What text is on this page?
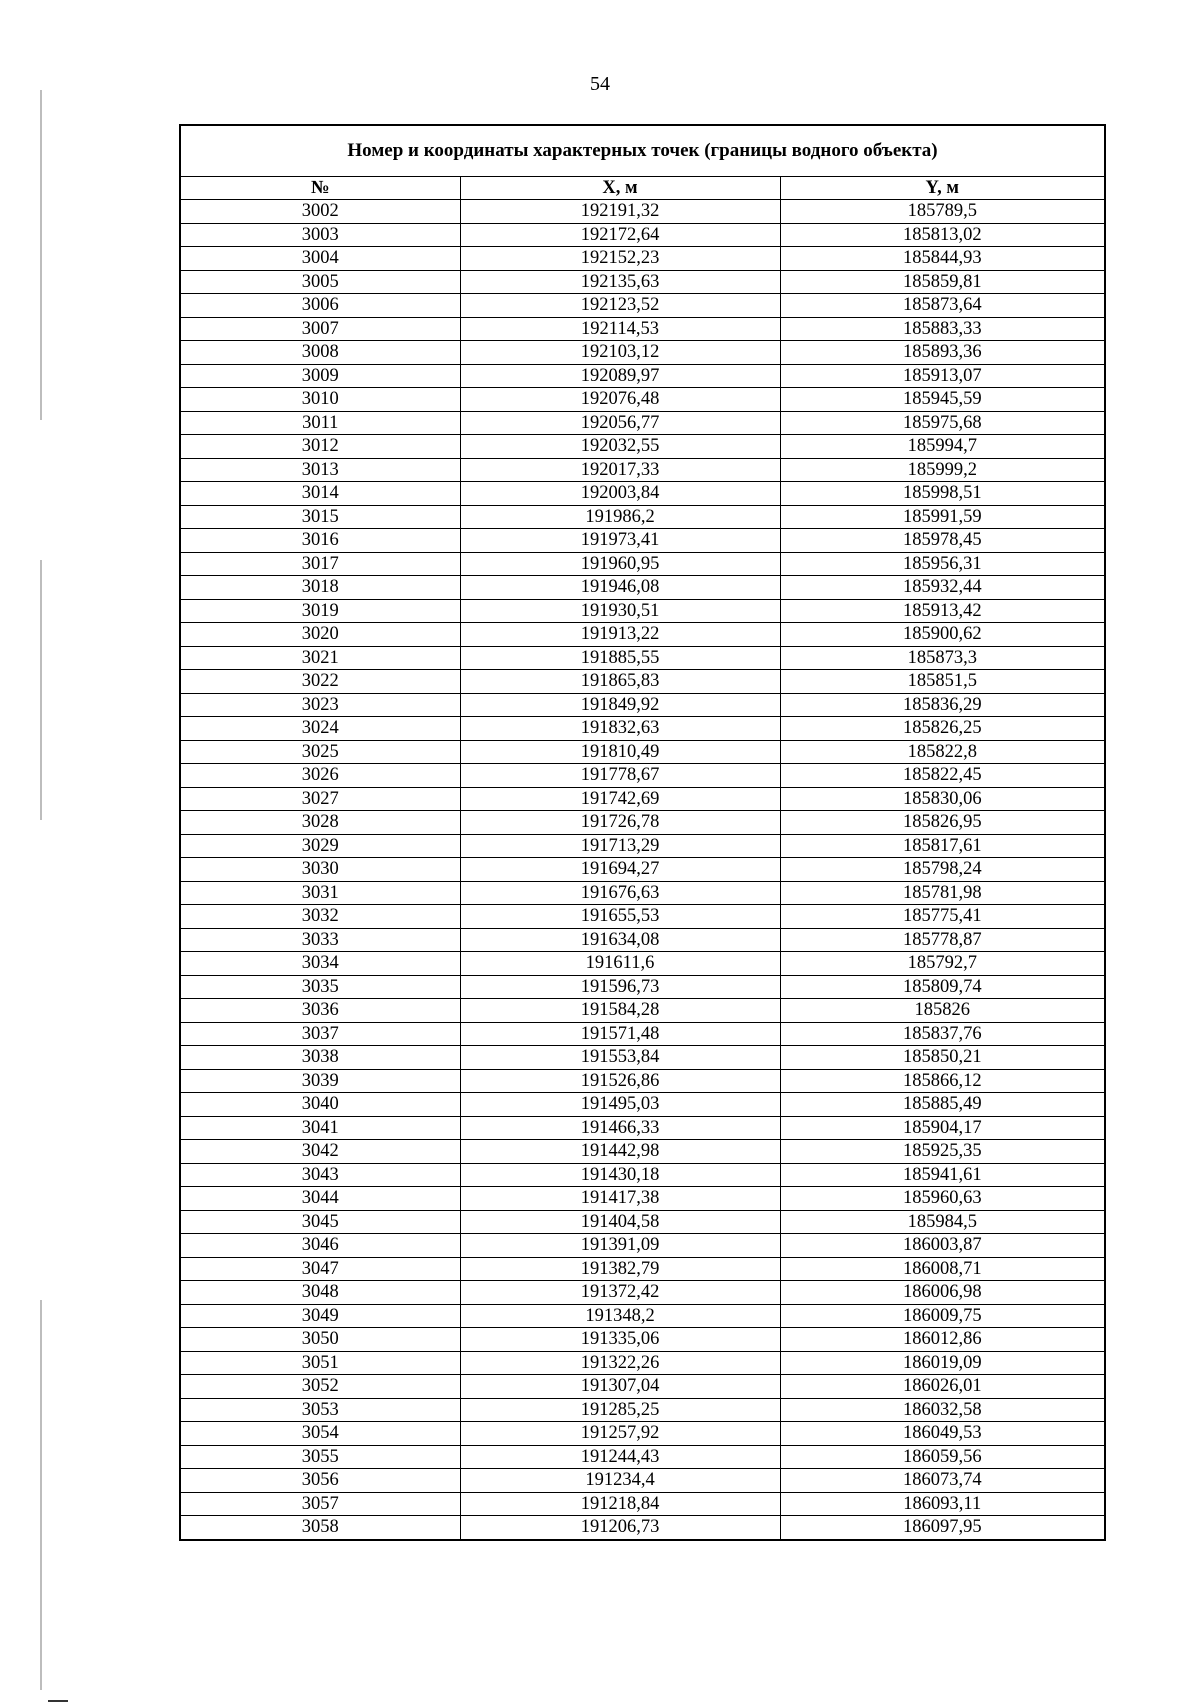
54
Номер и координаты характерных точек (границы водного объекта)		
№	X, м	Y, м
3002	192191,32	185789,5
3003	192172,64	185813,02
3004	192152,23	185844,93
3005	192135,63	185859,81
3006	192123,52	185873,64
3007	192114,53	185883,33
3008	192103,12	185893,36
3009	192089,97	185913,07
3010	192076,48	185945,59
3011	192056,77	185975,68
3012	192032,55	185994,7
3013	192017,33	185999,2
3014	192003,84	185998,51
3015	191986,2	185991,59
3016	191973,41	185978,45
3017	191960,95	185956,31
3018	191946,08	185932,44
3019	191930,51	185913,42
3020	191913,22	185900,62
3021	191885,55	185873,3
3022	191865,83	185851,5
3023	191849,92	185836,29
3024	191832,63	185826,25
3025	191810,49	185822,8
3026	191778,67	185822,45
3027	191742,69	185830,06
3028	191726,78	185826,95
3029	191713,29	185817,61
3030	191694,27	185798,24
3031	191676,63	185781,98
3032	191655,53	185775,41
3033	191634,08	185778,87
3034	191611,6	185792,7
3035	191596,73	185809,74
3036	191584,28	185826
3037	191571,48	185837,76
3038	191553,84	185850,21
3039	191526,86	185866,12
3040	191495,03	185885,49
3041	191466,33	185904,17
3042	191442,98	185925,35
3043	191430,18	185941,61
3044	191417,38	185960,63
3045	191404,58	185984,5
3046	191391,09	186003,87
3047	191382,79	186008,71
3048	191372,42	186006,98
3049	191348,2	186009,75
3050	191335,06	186012,86
3051	191322,26	186019,09
3052	191307,04	186026,01
3053	191285,25	186032,58
3054	191257,92	186049,53
3055	191244,43	186059,56
3056	191234,4	186073,74
3057	191218,84	186093,11
3058	191206,73	186097,95
